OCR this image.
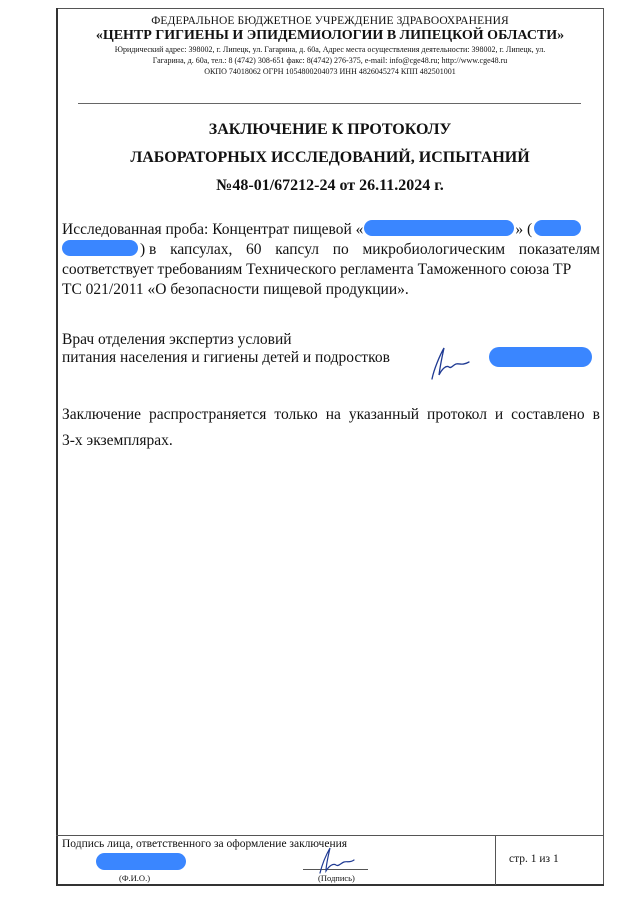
ФЕДЕРАЛЬНОЕ БЮДЖЕТНОЕ УЧРЕЖДЕНИЕ ЗДРАВООХРАНЕНИЯ
«ЦЕНТР ГИГИЕНЫ И ЭПИДЕМИОЛОГИИ В ЛИПЕЦКОЙ ОБЛАСТИ»
Юридический адрес: 398002, г. Липецк, ул. Гагарина, д. 60а, Адрес места осуществления деятельности: 398002, г. Липецк, ул.
Гагарина, д. 60а, тел.: 8 (4742) 308-651 факс: 8(4742) 276-375, e-mail: info@cge48.ru; http://www.cge48.ru
ОКПО 74018062 ОГРН 1054800204073 ИНН 4826045274 КПП 482501001
ЗАКЛЮЧЕНИЕ К ПРОТОКОЛУ
ЛАБОРАТОРНЫХ ИССЛЕДОВАНИЙ, ИСПЫТАНИЙ
№48-01/67212-24 от 26.11.2024 г.
Исследованная проба: Концентрат пищевой «	» (
) в капсулах, 60 капсул по микробиологическим показателям
соответствует требованиям Технического регламента Таможенного союза ТР
ТС 021/2011 «О безопасности пищевой продукции».
Врач отделения экспертиз условий
питания населения и гигиены детей и подростков
Заключение распространяется только на указанный протокол и составлено в
3-х экземплярах.
Подпись лица, ответственного за оформление заключения
(Ф.И.О.)	(Подпись)
стр. 1 из 1
